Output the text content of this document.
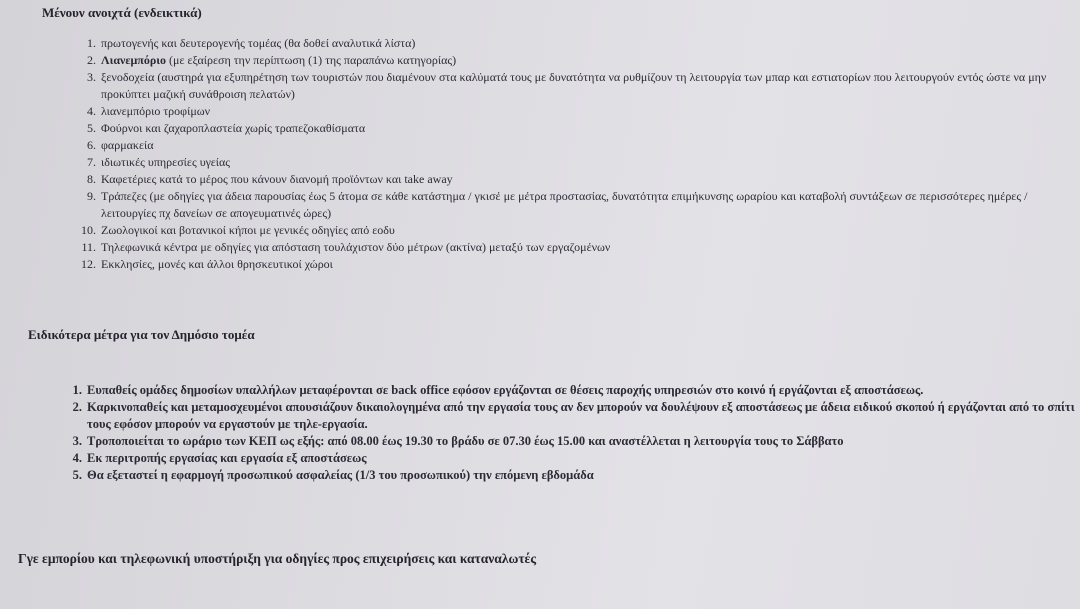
Μένουν ανοιχτά (ενδεικτικά)
1. πρωτογενής και δευτερογενής τομέας (θα δοθεί αναλυτικά λίστα)
2. Λιανεμπόριο (με εξαίρεση την περίπτωση (1) της παραπάνω κατηγορίας)
3. ξενοδοχεία (αυστηρά για εξυπηρέτηση των τουριστών που διαμένουν στα καλύματά τους με δυνατότητα να ρυθμίζουν τη λειτουργία των μπαρ και εστιατορίων που λειτουργούν εντός ώστε να μην προκύπτει μαζική συνάθροιση πελατών)
4. λιανεμπόριο τροφίμων
5. Φούρνοι και ζαχαροπλαστεία χωρίς τραπεζοκαθίσματα
6. φαρμακεία
7. ιδιωτικές υπηρεσίες υγείας
8. Καφετέριες κατά το μέρος που κάνουν διανομή προϊόντων και take away
9. Τράπεζες (με οδηγίες για άδεια παρουσίας έως 5 άτομα σε κάθε κατάστημα / γκισέ με μέτρα προστασίας, δυνατότητα επιμήκυνσης ωραρίου και καταβολή συντάξεων σε περισσότερες ημέρες / λειτουργίες πχ δανείων σε απογευματινές ώρες)
10. Ζωολογικοί και βοτανικοί κήποι με γενικές οδηγίες από εοδυ
11. Τηλεφωνικά κέντρα με οδηγίες για απόσταση τουλάχιστον δύο μέτρων (ακτίνα) μεταξύ των εργαζομένων
12. Εκκλησίες, μονές και άλλοι θρησκευτικοί χώροι
Ειδικότερα μέτρα για τον Δημόσιο τομέα
1. Ευπαθείς ομάδες δημοσίων υπαλλήλων μεταφέρονται σε back office εφόσον εργάζονται σε θέσεις παροχής υπηρεσιών στο κοινό ή εργάζονται εξ αποστάσεως.
2. Καρκινοπαθείς και μεταμοσχευμένοι απουσιάζουν δικαιολογημένα από την εργασία τους αν δεν μπορούν να δουλέψουν εξ αποστάσεως με άδεια ειδικού σκοπού ή εργάζονται από το σπίτι τους εφόσον μπορούν να εργαστούν με τηλε-εργασία.
3. Τροποποιείται το ωράριο των ΚΕΠ ως εξής: από 08.00 έως 19.30 το βράδυ σε 07.30 έως 15.00 και αναστέλλεται η λειτουργία τους το Σάββατο
4. Εκ περιτροπής εργασίας και εργασία εξ αποστάσεως
5. Θα εξεταστεί η εφαρμογή προσωπικού ασφαλείας (1/3 του προσωπικού) την επόμενη εβδομάδα
Γγε εμπορίου και τηλεφωνική υποστήριξη για οδηγίες προς επιχειρήσεις και καταναλωτές
